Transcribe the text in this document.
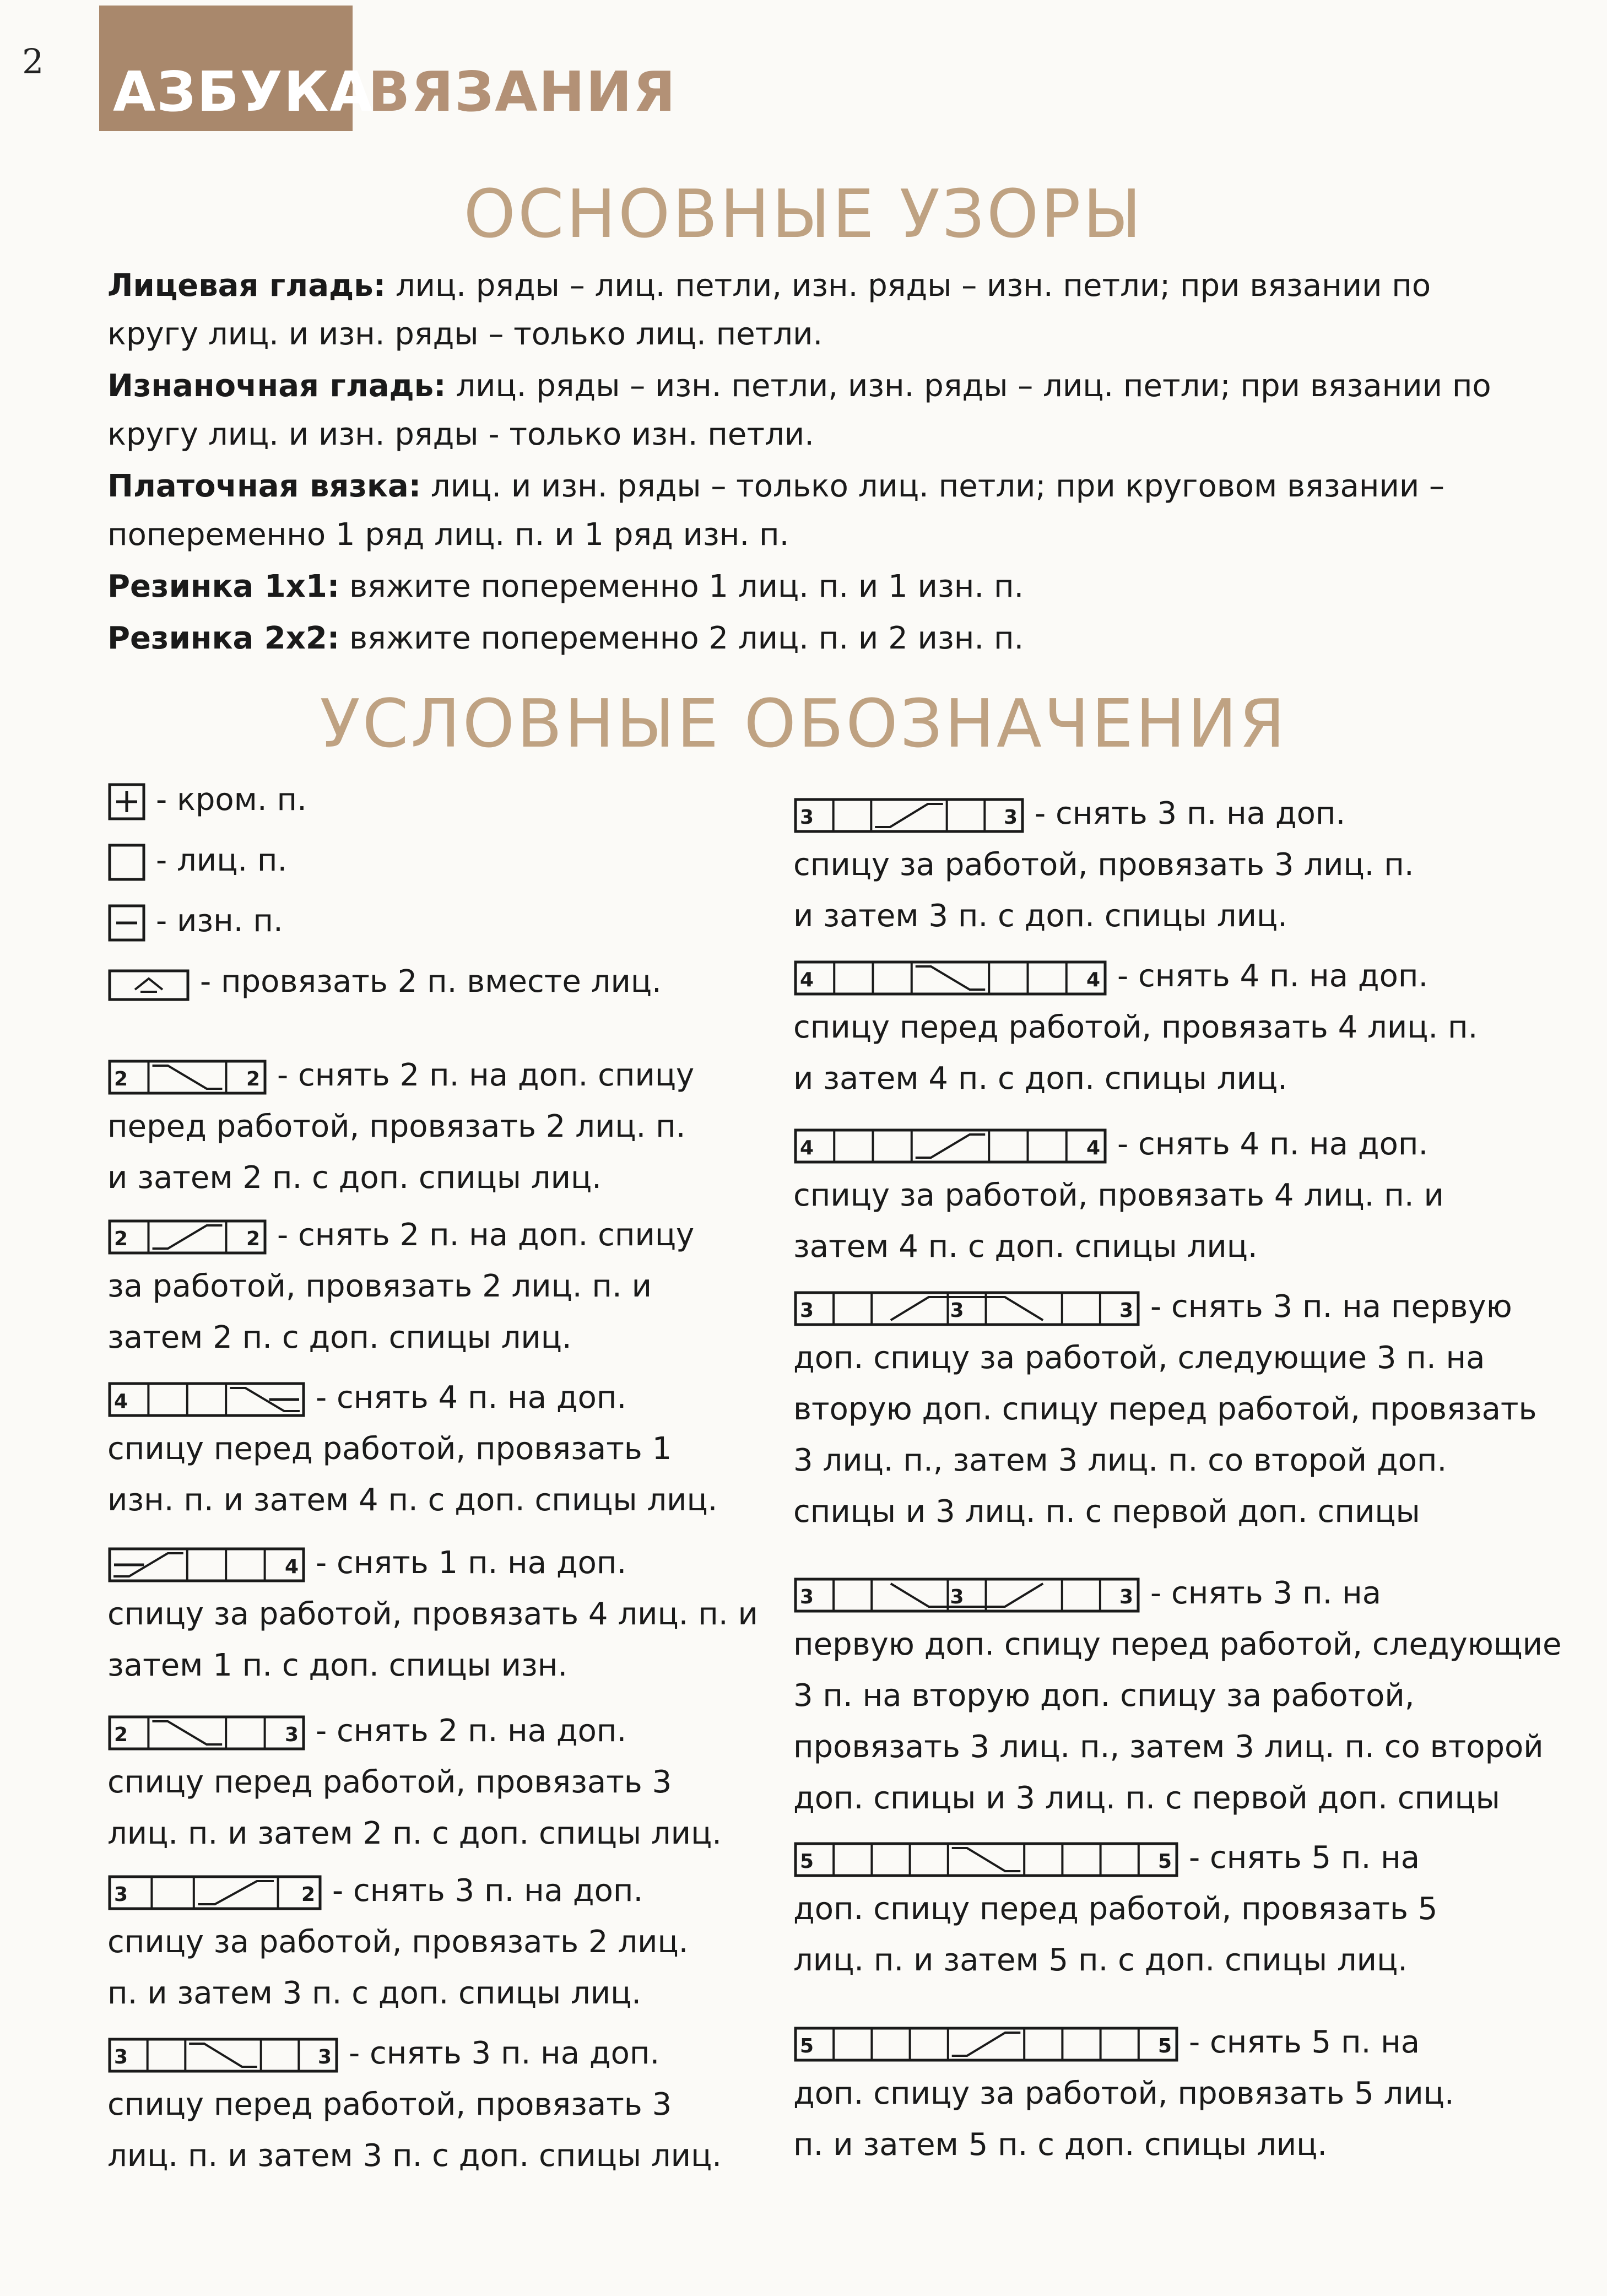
2 АЗБУКА
ВЯЗАНИЯ
ОСНОВНЫЕ УЗОРЫ

Лицевая гладь: лиц. ряды – лиц. петли, изн. ряды – изн. петли; при вязании по кругу лиц. и изн. ряды – только лиц. петли.

Изнаночная гладь: лиц. ряды – изн. петли, изн. ряды – лиц. петли; при вязании по кругу лиц. и изн. ряды - только изн. петли.

Платочная вязка: лиц. и изн. ряды – только лиц. петли; при круговом вязании – попеременно 1 ряд лиц. п. и 1 ряд изн. п.

Резинка 1х1: вяжите попеременно 1 лиц. п. и 1 изн. п.

Резинка 2х2: вяжите попеременно 2 лиц. п. и 2 изн. п.

УСЛОВНЫЕ ОБОЗНАЧЕНИЯ
- кром. п.
- лиц. п.
- изн. п.
- провязать 2 п. вместе лиц.
2	2 - снять 2 п. на доп. спицу
перед работой, провязать 2 лиц. п.
и затем 2 п. с доп. спицы лиц.
2	2 - снять 2 п. на доп. спицу
за работой, провязать 2 лиц. п. и
затем 2 п. с доп. спицы лиц.
4	- снять 4 п. на доп.
спицу перед работой, провязать 1
изн. п. и затем 4 п. с доп. спицы лиц.
4 - снять 1 п. на доп.
спицу за работой, провязать 4 лиц. п. и
затем 1 п. с доп. спицы изн.
2	3 - снять 2 п. на доп.
спицу перед работой, провязать 3
лиц. п. и затем 2 п. с доп. спицы лиц.
3	2 - снять 3 п. на доп.
спицу за работой, провязать 2 лиц.
п. и затем 3 п. с доп. спицы лиц.
3	3 - снять 3 п. на доп.
спицу перед работой, провязать 3
лиц. п. и затем 3 п. с доп. спицы лиц.
3	3 - снять 3 п. на доп.
спицу за работой, провязать 3 лиц. п.
и затем 3 п. с доп. спицы лиц.
4	4 - снять 4 п. на доп.
спицу перед работой, провязать 4 лиц. п.
и затем 4 п. с доп. спицы лиц.
4	4 - снять 4 п. на доп.
спицу за работой, провязать 4 лиц. п. и
затем 4 п. с доп. спицы лиц.
3	3
3	- снять 3 п. на первую
доп. спицу за работой, следующие 3 п. на
вторую доп. спицу перед работой, провязать
3 лиц. п., затем 3 лиц. п. со второй доп.
спицы и 3 лиц. п. с первой доп. спицы
3	3
3	- снять 3 п. на
первую доп. спицу перед работой, следующие
3 п. на вторую доп. спицу за работой,
провязать 3 лиц. п., затем 3 лиц. п. со второй
доп. спицы и 3 лиц. п. с первой доп. спицы
5	5 - снять 5 п. на
доп. спицу перед работой, провязать 5
лиц. п. и затем 5 п. с доп. спицы лиц.
5	5 - снять 5 п. на
доп. спицу за работой, провязать 5 лиц.
п. и затем 5 п. с доп. спицы лиц.
